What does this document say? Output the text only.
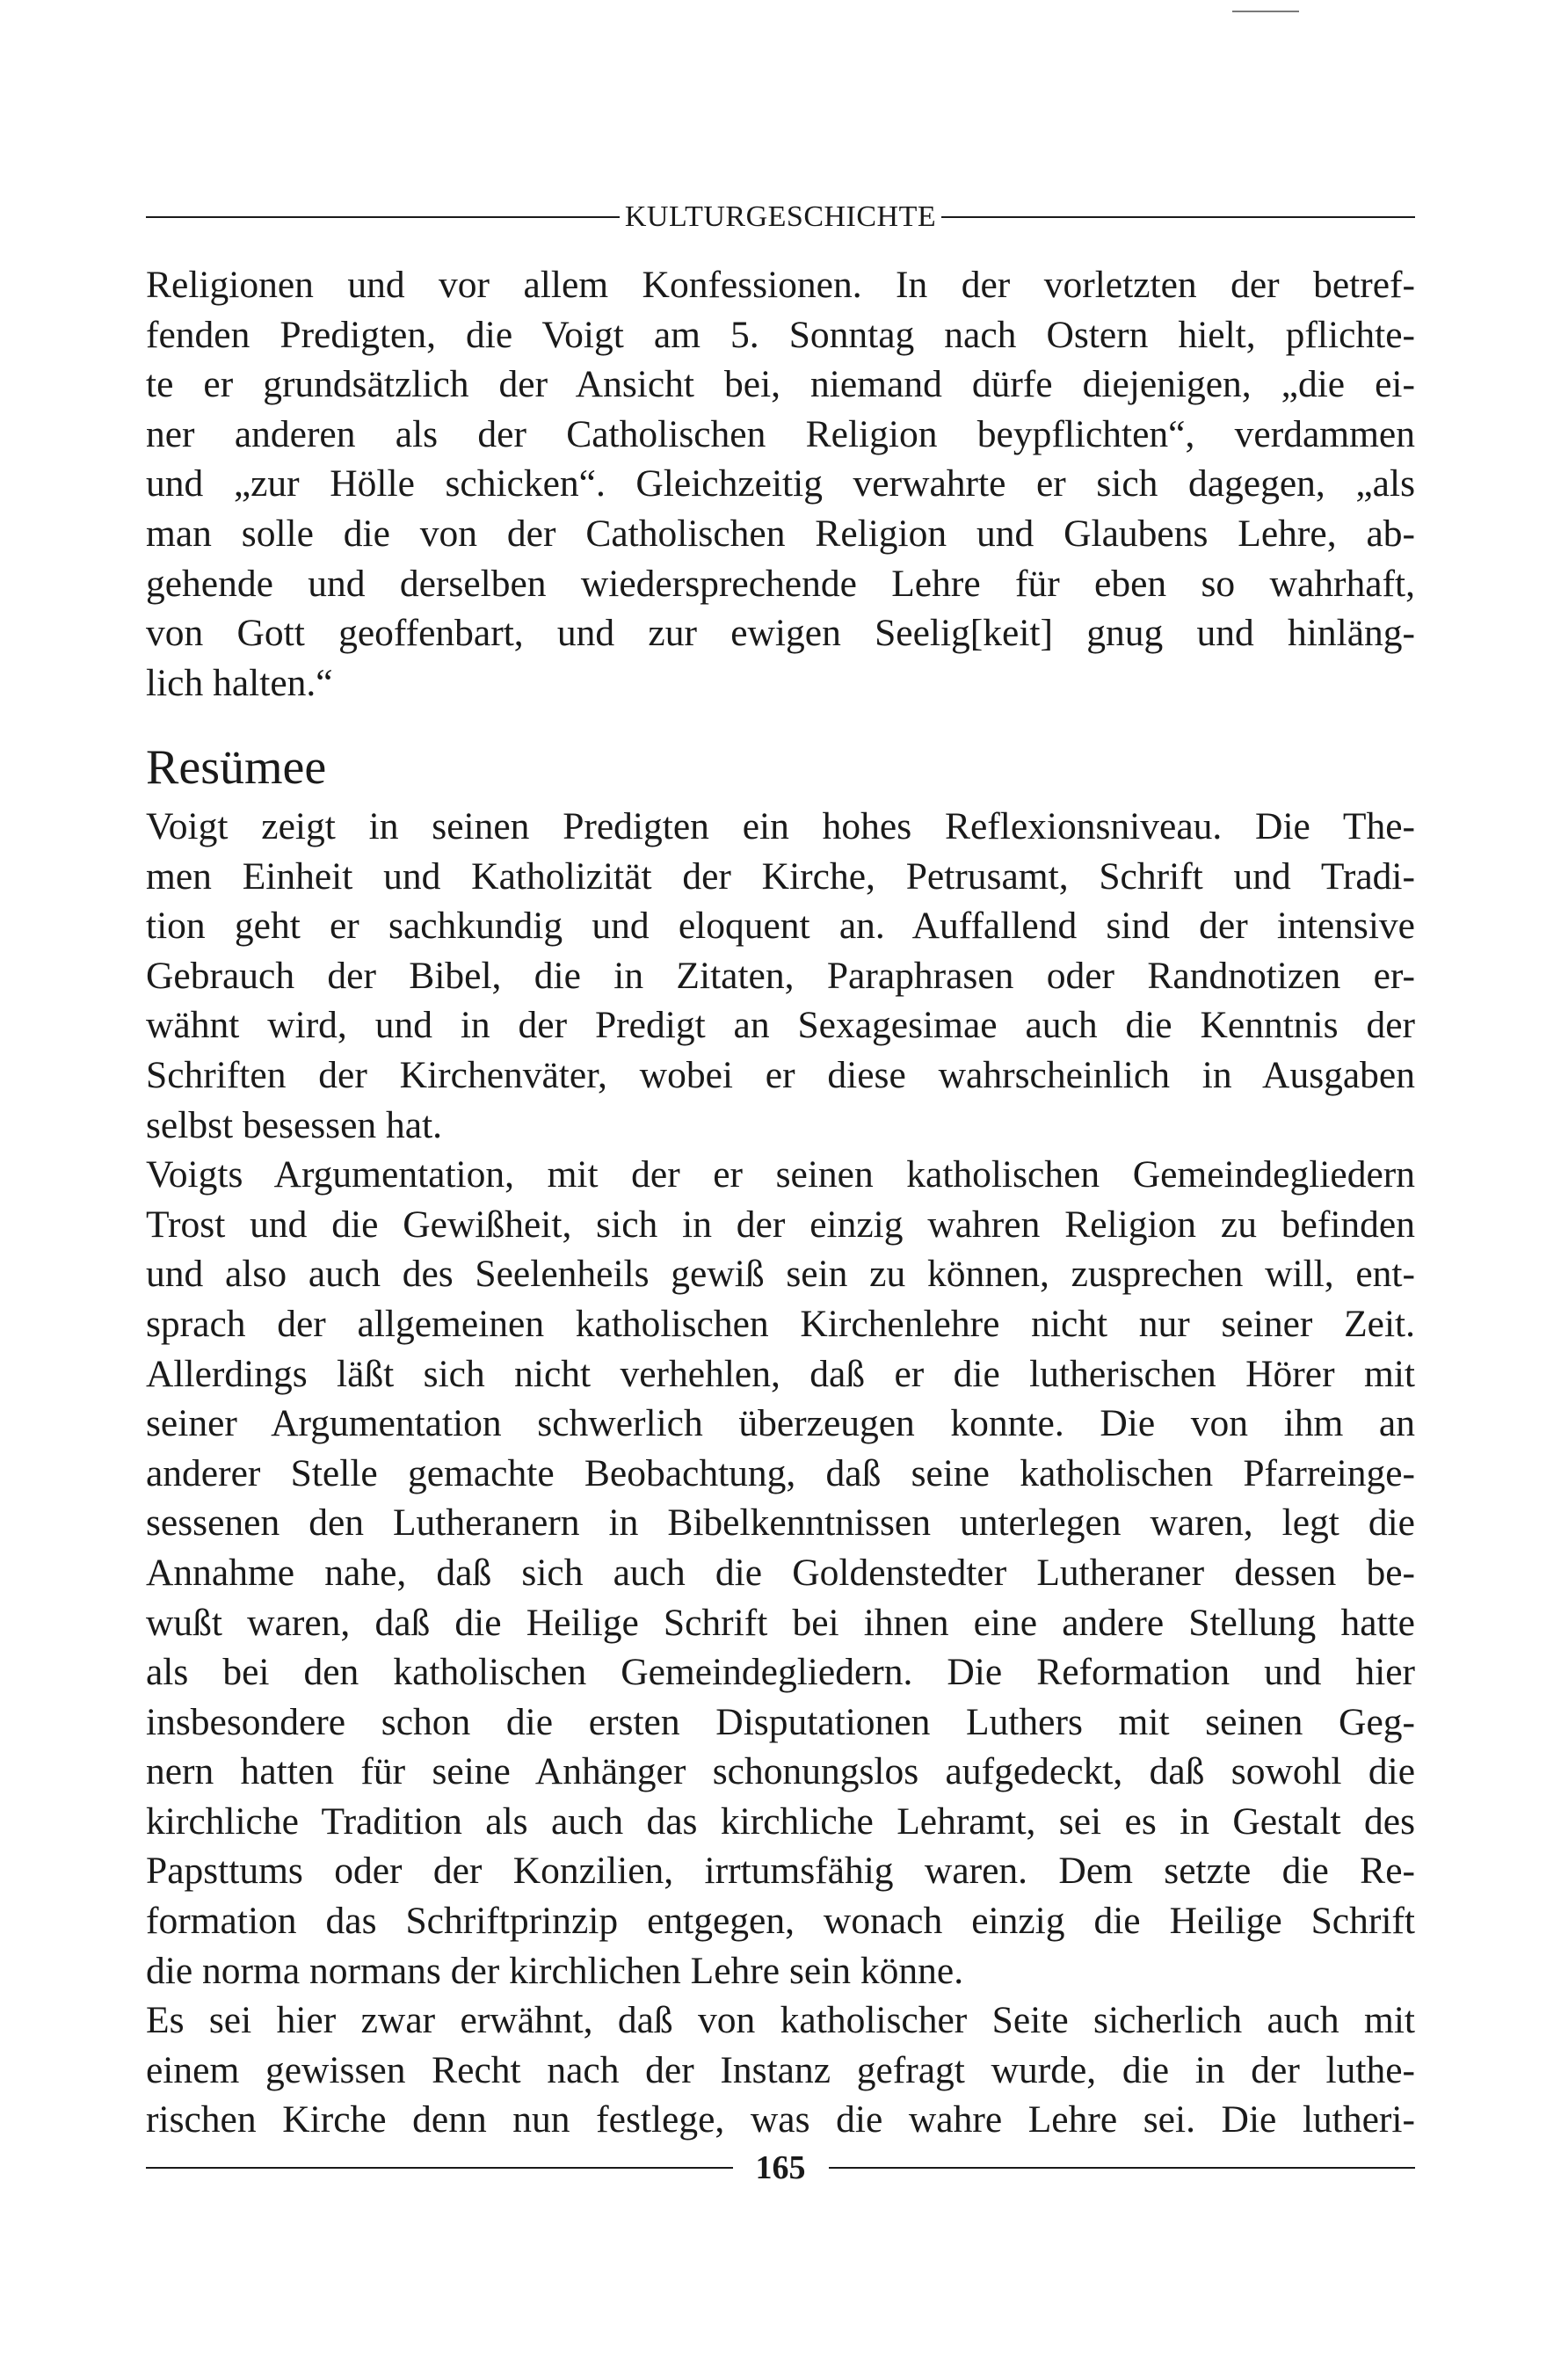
KULTURGESCHICHTE
Religionen und vor allem Konfessionen. In der vorletzten der betref-
fenden Predigten, die Voigt am 5. Sonntag nach Ostern hielt, pflichte-
te er grundsätzlich der Ansicht bei, niemand dürfe diejenigen, „die ei-
ner anderen als der Catholischen Religion beypflichten“, verdammen
und „zur Hölle schicken“. Gleichzeitig verwahrte er sich dagegen, „als
man solle die von der Catholischen Religion und Glaubens Lehre, ab-
gehende und derselben wiedersprechende Lehre für eben so wahrhaft,
von Gott geoffenbart, und zur ewigen Seelig[keit] gnug und hinläng-
lich halten.“
Resümee
Voigt zeigt in seinen Predigten ein hohes Reflexionsniveau. Die The-
men Einheit und Katholizität der Kirche, Petrusamt, Schrift und Tradi-
tion geht er sachkundig und eloquent an. Auffallend sind der intensive
Gebrauch der Bibel, die in Zitaten, Paraphrasen oder Randnotizen er-
wähnt wird, und in der Predigt an Sexagesimae auch die Kenntnis der
Schriften der Kirchenväter, wobei er diese wahrscheinlich in Ausgaben
selbst besessen hat.
Voigts Argumentation, mit der er seinen katholischen Gemeindegliedern
Trost und die Gewißheit, sich in der einzig wahren Religion zu befinden
und also auch des Seelenheils gewiß sein zu können, zusprechen will, ent-
sprach der allgemeinen katholischen Kirchenlehre nicht nur seiner Zeit.
Allerdings läßt sich nicht verhehlen, daß er die lutherischen Hörer mit
seiner Argumentation schwerlich überzeugen konnte. Die von ihm an
anderer Stelle gemachte Beobachtung, daß seine katholischen Pfarreinge-
sessenen den Lutheranern in Bibelkenntnissen unterlegen waren, legt die
Annahme nahe, daß sich auch die Goldenstedter Lutheraner dessen be-
wußt waren, daß die Heilige Schrift bei ihnen eine andere Stellung hatte
als bei den katholischen Gemeindegliedern. Die Reformation und hier
insbesondere schon die ersten Disputationen Luthers mit seinen Geg-
nern hatten für seine Anhänger schonungslos aufgedeckt, daß sowohl die
kirchliche Tradition als auch das kirchliche Lehramt, sei es in Gestalt des
Papsttums oder der Konzilien, irrtumsfähig waren. Dem setzte die Re-
formation das Schriftprinzip entgegen, wonach einzig die Heilige Schrift
die norma normans der kirchlichen Lehre sein könne.
Es sei hier zwar erwähnt, daß von katholischer Seite sicherlich auch mit
einem gewissen Recht nach der Instanz gefragt wurde, die in der luthe-
rischen Kirche denn nun festlege, was die wahre Lehre sei. Die lutheri-
165
